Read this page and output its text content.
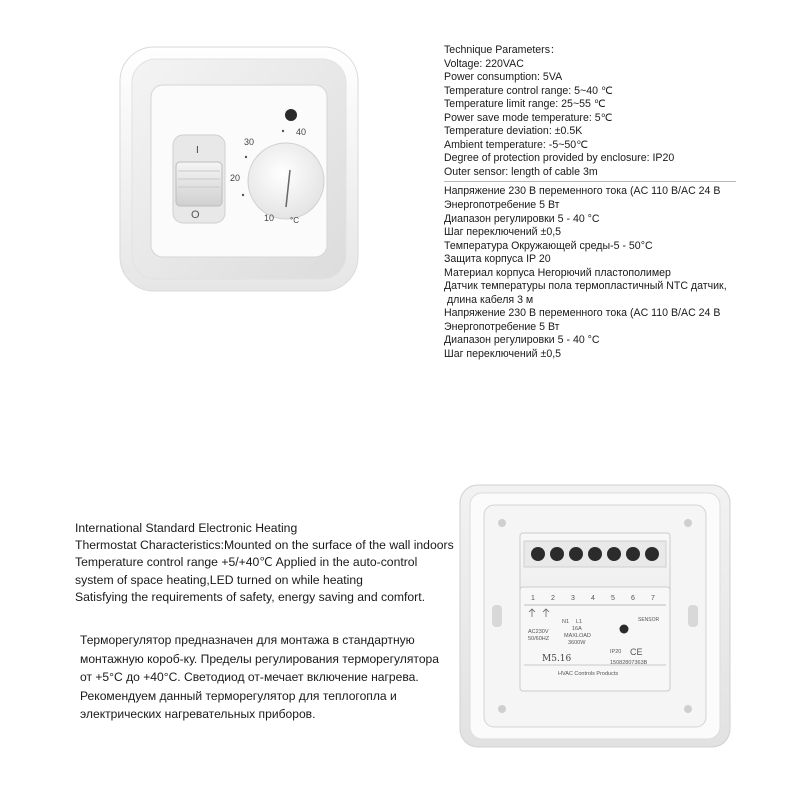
I
O
30
40
20
10 °C
Technique Parameters：
Voltage: 220VAC
Power consumption: 5VA
Temperature control range: 5~40 ℃
Temperature limit range: 25~55 ℃
Power save mode temperature: 5℃
Temperature deviation: ±0.5K
Ambient temperature: -5~50℃
Degree of protection provided by enclosure: IP20
Outer sensor: length of cable 3m
Напряжение 230 В переменного тока (AC 110 B/AC 24 B
Энергопотребение 5 Вт
Диапазон регулировки 5 - 40 °C
Шаг переключений ±0,5
Температура Окружающей среды-5 - 50°C
Защита корпуса IP 20
Материал корпуса Негорючий пластополимер
Датчик температуры пола термопластичный NTC датчик,
длина кабеля 3 м
Напряжение 230 В переменного тока (AC 110 B/AC 24 B
Энергопотребение 5 Вт
Диапазон регулировки 5 - 40 °C
Шаг переключений ±0,5
International Standard Electronic Heating
Thermostat Characteristics:Mounted on the surface of the wall indoors
Temperature control range +5/+40℃ Applied in the auto-control
system of space heating,LED turned on while heating
Satisfying the requirements of safety, energy saving and comfort.
Терморегулятор предназначен для монтажа в стандартную
монтажную короб-ку. Пределы регулирования терморегулятора
от +5°C до +40°C. Светодиод от-мечает включение нагрева.
Рекомендуем данный терморегулятор для теплогопла и
электрических нагревательных приборов.
1 2 3 4 5 6 7
AC230V
50/60HZ
N1 L1
16A
MAXLOAD
3600W
SENSOR
M5.16
IP20 CE
15082807363B
HVAC Controls Products
